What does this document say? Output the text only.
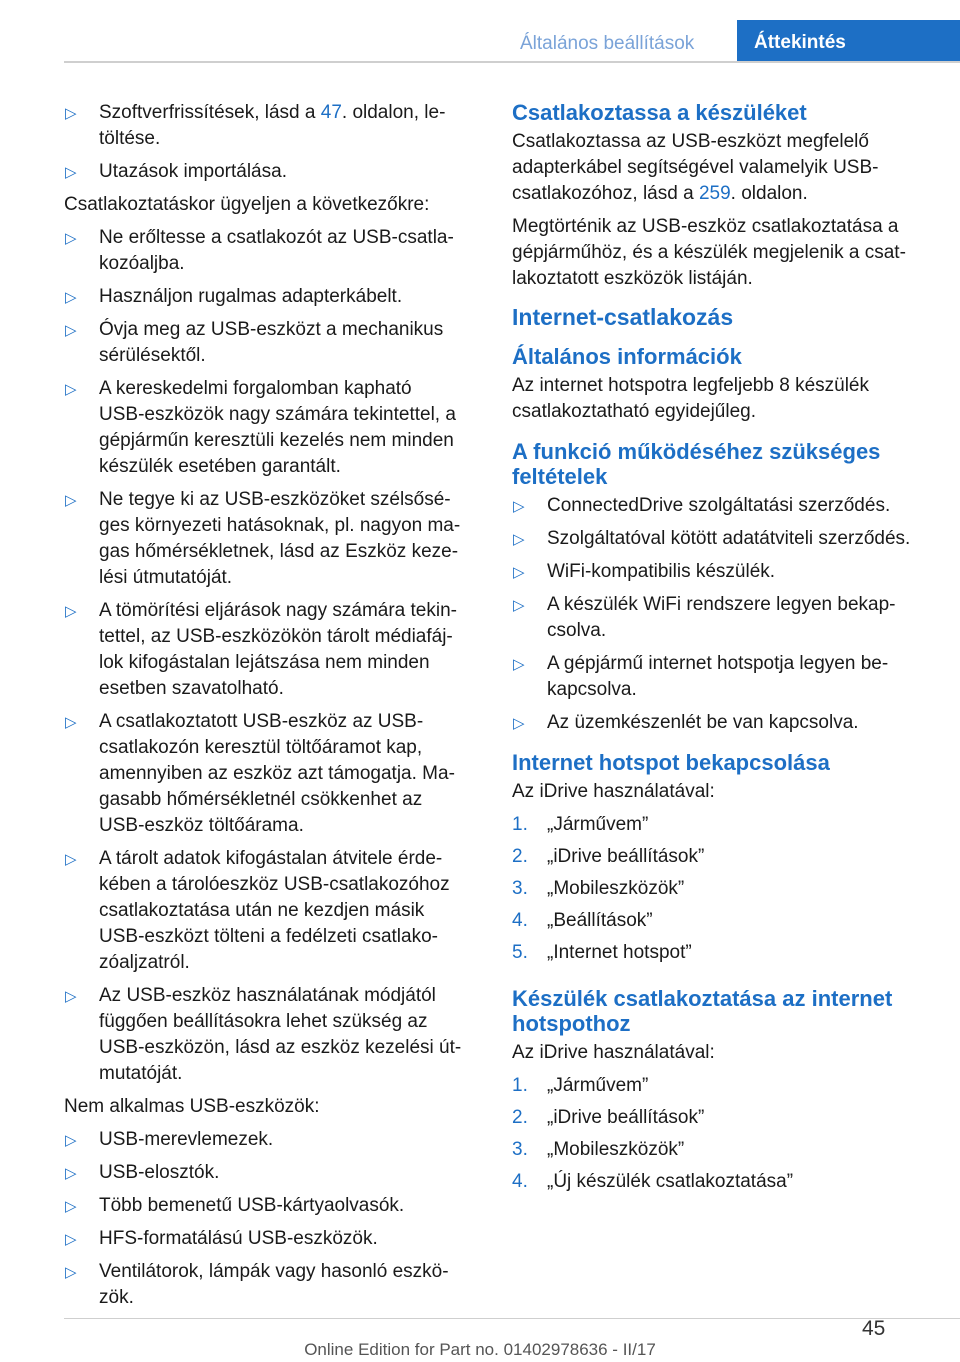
Általános beállítások	Áttekintés
▷ Szoftverfrissítések, lásd a 47. oldalon, le-
töltése.
▷ Utazások importálása.

Csatlakoztatáskor ügyeljen a következőkre:

▷ Ne erőltesse a csatlakozót az USB-csatla-
kozóaljba.
▷ Használjon rugalmas adapterkábelt.
▷ Óvja meg az USB-eszközt a mechanikus
sérülésektől.
▷ A kereskedelmi forgalomban kapható
USB-eszközök nagy számára tekintettel, a
gépjárműn keresztüli kezelés nem minden
készülék esetében garantált.
▷ Ne tegye ki az USB-eszközöket szélsősé-
ges környezeti hatásoknak, pl. nagyon ma-
gas hőmérsékletnek, lásd az Eszköz keze-
lési útmutatóját.
▷ A tömörítési eljárások nagy számára tekin-
tettel, az USB-eszközökön tárolt médiafáj-
lok kifogástalan lejátszása nem minden
esetben szavatolható.
▷ A csatlakoztatott USB-eszköz az USB-
csatlakozón keresztül töltőáramot kap,
amennyiben az eszköz azt támogatja. Ma-
gasabb hőmérsékletnél csökkenhet az
USB-eszköz töltőárama.
▷ A tárolt adatok kifogástalan átvitele érde-
kében a tárolóeszköz USB-csatlakozóhoz
csatlakoztatása után ne kezdjen másik
USB-eszközt tölteni a fedélzeti csatlako-
zóaljzatról.
▷ Az USB-eszköz használatának módjától
függően beállításokra lehet szükség az
USB-eszközön, lásd az eszköz kezelési út-
mutatóját.

Nem alkalmas USB-eszközök:

▷ USB-merevlemezek.
▷ USB-elosztók.
▷ Több bemenetű USB-kártyaolvasók.
▷ HFS-formatálású USB-eszközök.
▷ Ventilátorok, lámpák vagy hasonló eszkö-
zök.
Csatlakoztassa a készüléket

Csatlakoztassa az USB-eszközt megfelelő
adapterkábel segítségével valamelyik USB-
csatlakozóhoz, lásd a 259. oldalon.

Megtörténik az USB-eszköz csatlakoztatása a
gépjárműhöz, és a készülék megjelenik a csat-
lakoztatott eszközök listáján.

Internet-csatlakozás
Általános információk

Az internet hotspotra legfeljebb 8 készülék
csatlakoztatható egyidejűleg.

A funkció működéséhez szükséges
feltételek
▷ ConnectedDrive szolgáltatási szerződés.
▷ Szolgáltatóval kötött adatátviteli szerződés.
▷ WiFi-kompatibilis készülék.
▷ A készülék WiFi rendszere legyen bekap-
csolva.
▷ A gépjármű internet hotspotja legyen be-
kapcsolva.
▷ Az üzemkészenlét be van kapcsolva.
Internet hotspot bekapcsolása

Az iDrive használatával:

1. „Járművem”
2. „iDrive beállítások”
3. „Mobileszközök”
4. „Beállítások”
5. „Internet hotspot”
Készülék csatlakoztatása az internet
hotspothoz

Az iDrive használatával:

1. „Járművem”
2. „iDrive beállítások”
3. „Mobileszközök”
4. „Új készülék csatlakoztatása”
45
Online Edition for Part no. 01402978636 - II/17
